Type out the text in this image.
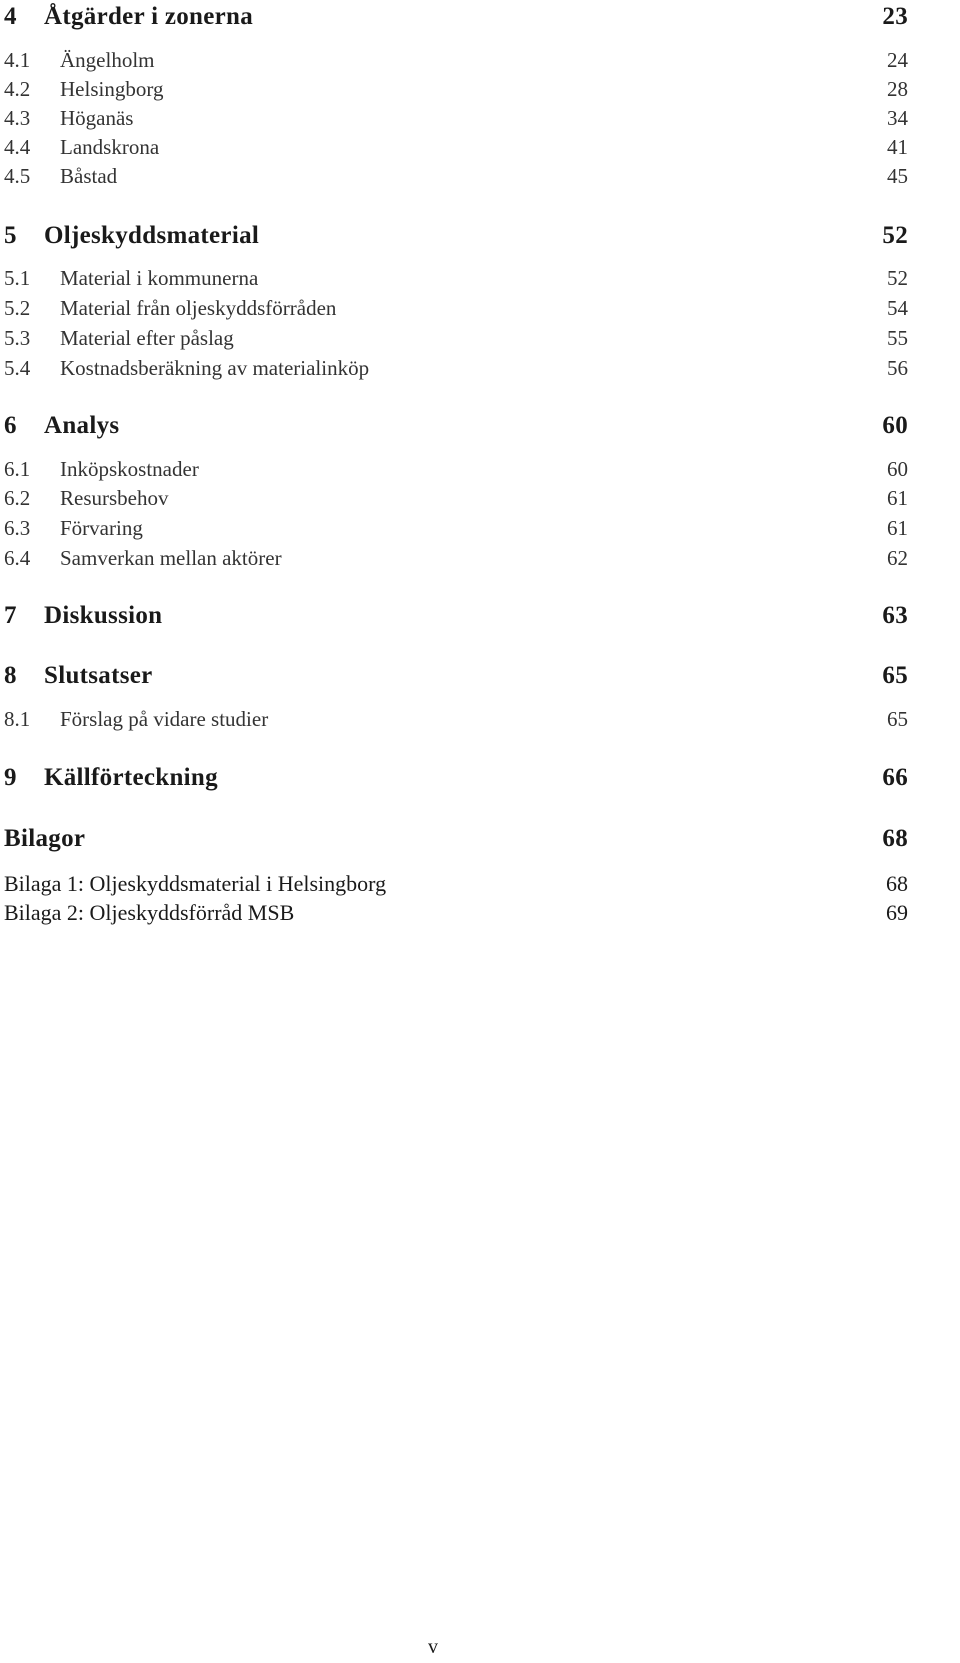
4	Åtgärder i zonerna	23
4.1	Ängelholm	24
4.2	Helsingborg	28
4.3	Höganäs	34
4.4	Landskrona	41
4.5	Båstad	45
5	Oljeskyddsmaterial	52
5.1	Material i kommunerna	52
5.2	Material från oljeskyddsförråden	54
5.3	Material efter påslag	55
5.4	Kostnadsberäkning av materialinköp	56
6	Analys	60
6.1	Inköpskostnader	60
6.2	Resursbehov	61
6.3	Förvaring	61
6.4	Samverkan mellan aktörer	62
7	Diskussion	63
8	Slutsatser	65
8.1	Förslag på vidare studier	65
9	Källförteckning	66
Bilagor	68
Bilaga 1: Oljeskyddsmaterial i Helsingborg	68
Bilaga 2: Oljeskyddsförråd MSB	69
v
